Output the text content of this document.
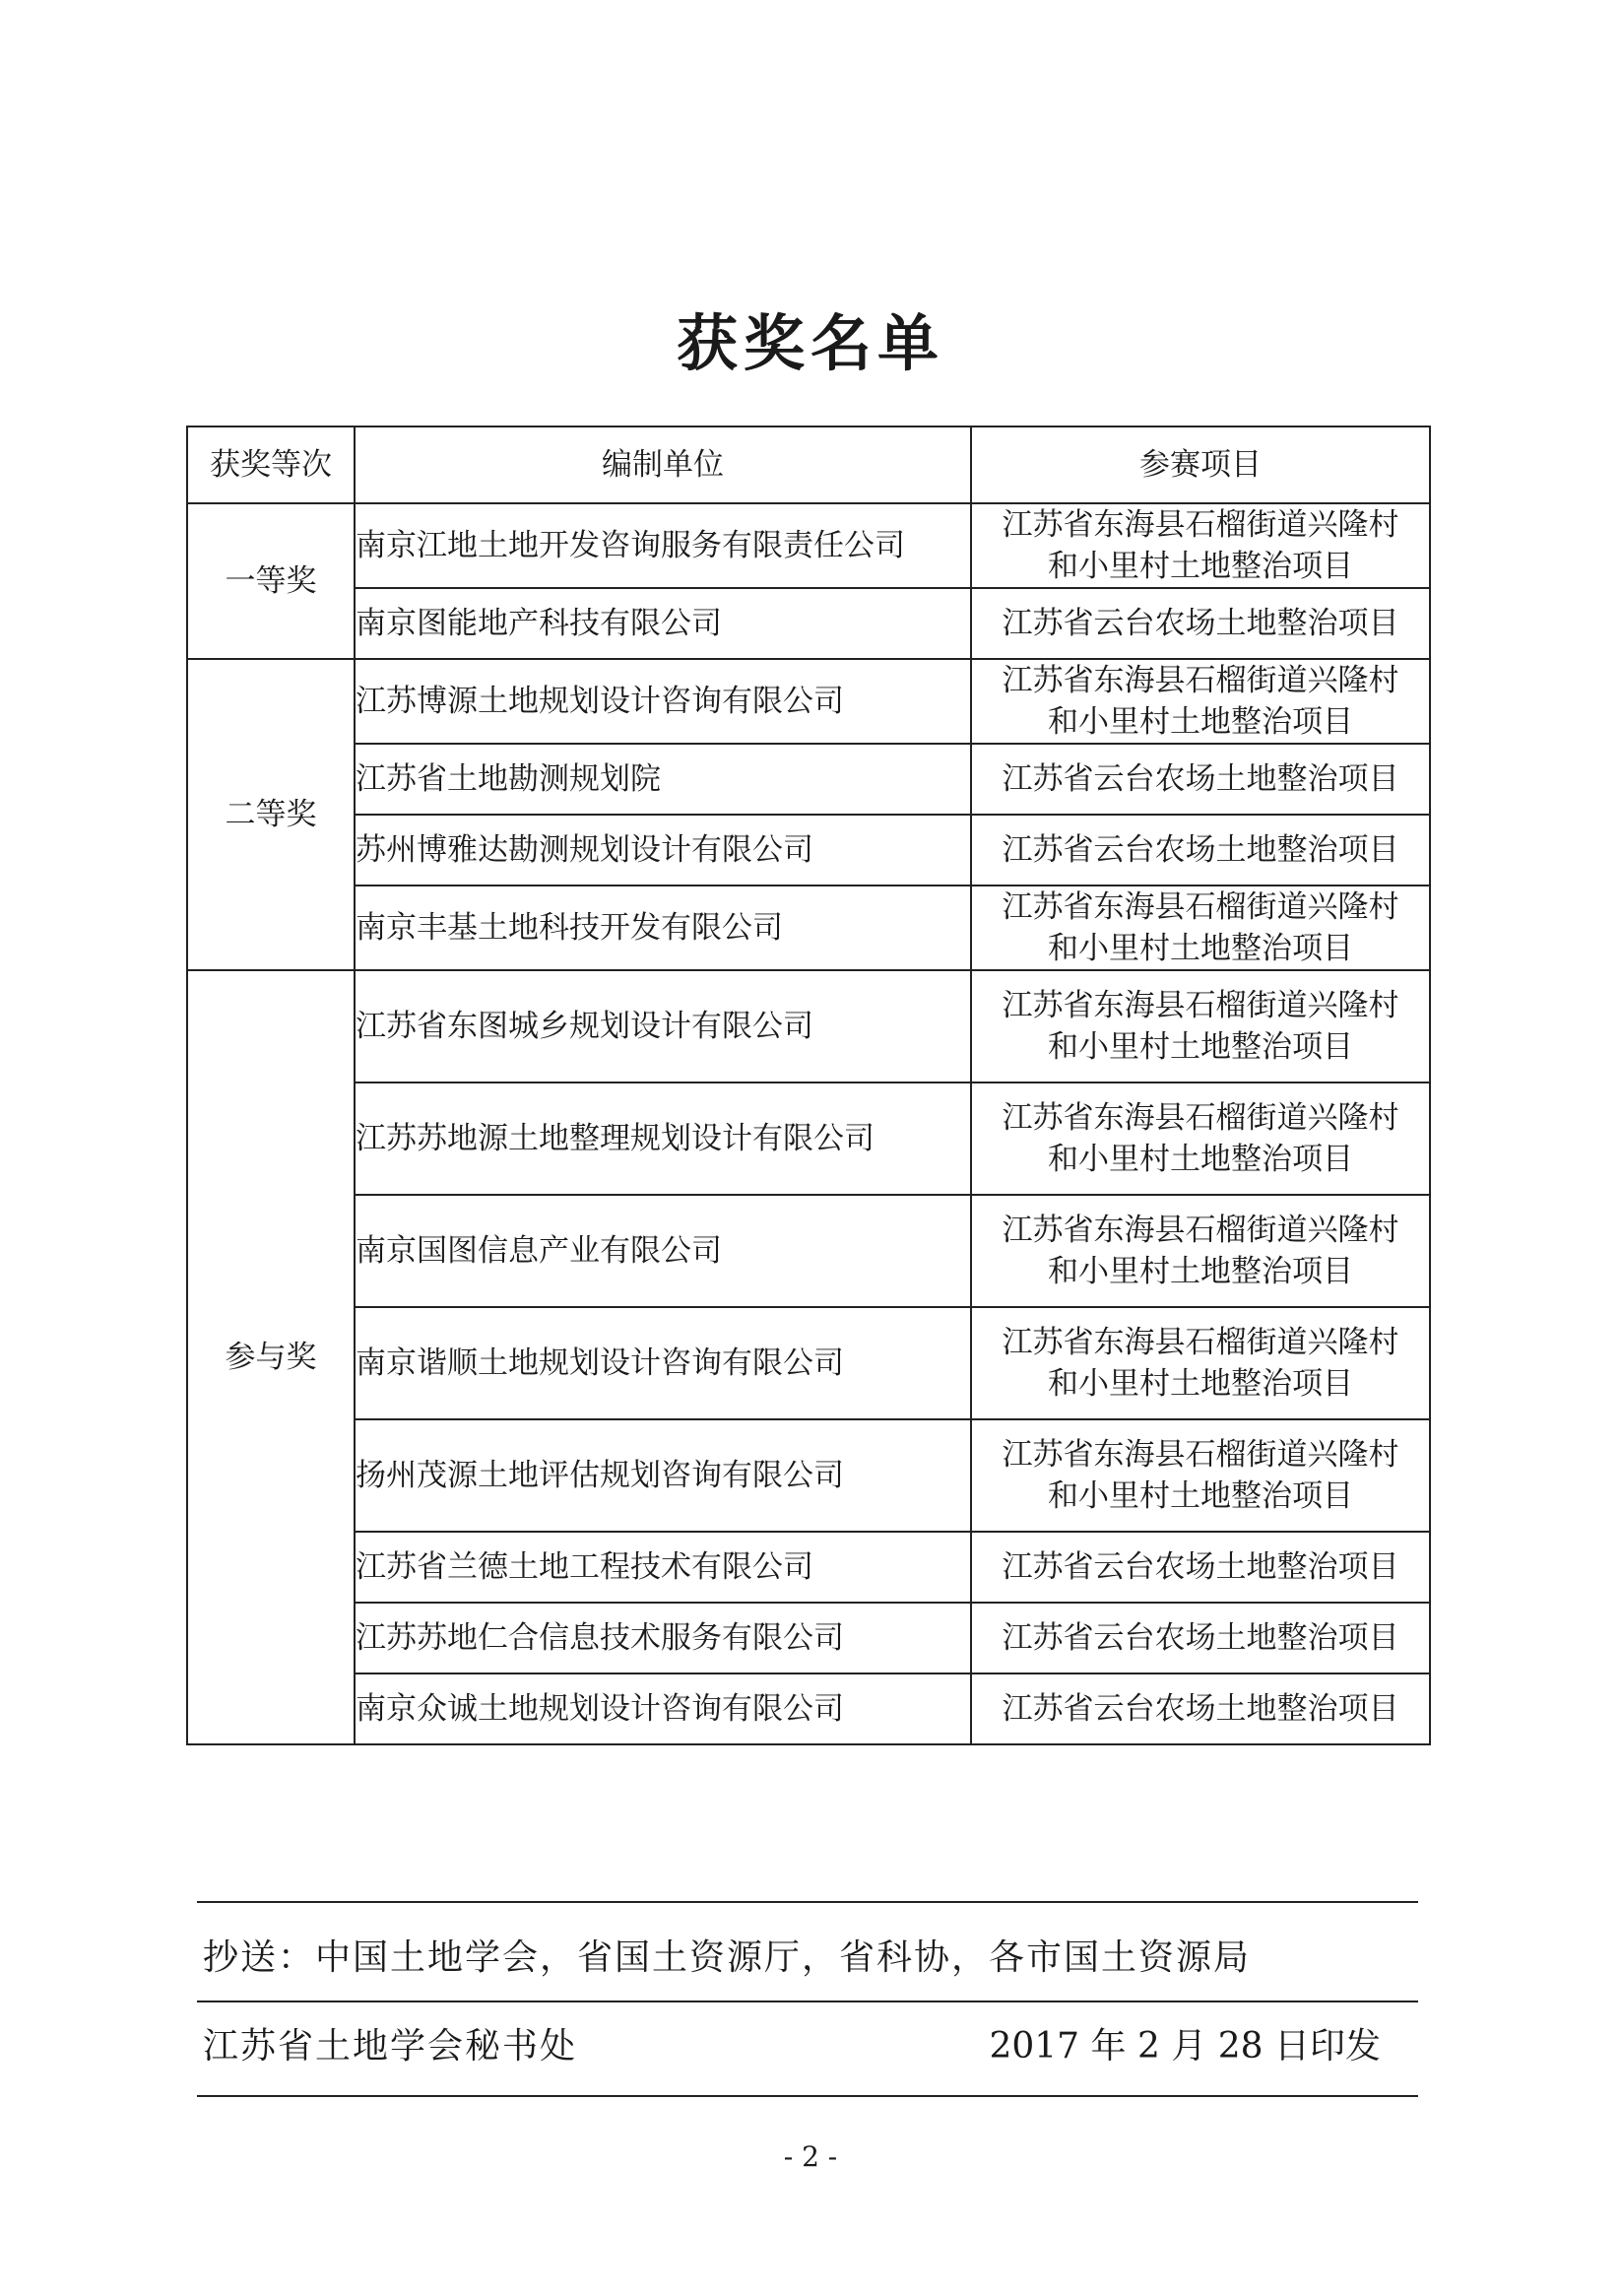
获奖名单
获奖等次	编制单位	参赛项目
一等奖	南京江地土地开发咨询服务有限责任公司	江苏省东海县石榴街道兴隆村
和小里村土地整治项目

	南京图能地产科技有限公司	江苏省云台农场土地整治项目

二等奖	江苏博源土地规划设计咨询有限公司	江苏省东海县石榴街道兴隆村
和小里村土地整治项目

	江苏省土地勘测规划院	江苏省云台农场土地整治项目

	苏州博雅达勘测规划设计有限公司	江苏省云台农场土地整治项目

	南京丰基土地科技开发有限公司	江苏省东海县石榴街道兴隆村
和小里村土地整治项目

参与奖	江苏省东图城乡规划设计有限公司	江苏省东海县石榴街道兴隆村
和小里村土地整治项目

	江苏苏地源土地整理规划设计有限公司	江苏省东海县石榴街道兴隆村
和小里村土地整治项目

	南京国图信息产业有限公司	江苏省东海县石榴街道兴隆村
和小里村土地整治项目

	南京谐顺土地规划设计咨询有限公司	江苏省东海县石榴街道兴隆村
和小里村土地整治项目

	扬州茂源土地评估规划咨询有限公司	江苏省东海县石榴街道兴隆村
和小里村土地整治项目

	江苏省兰德土地工程技术有限公司	江苏省云台农场土地整治项目

	江苏苏地仁合信息技术服务有限公司	江苏省云台农场土地整治项目

	南京众诚土地规划设计咨询有限公司	江苏省云台农场土地整治项目
抄送：中国土地学会，省国土资源厅，省科协，各市国土资源局
江苏省土地学会秘书处	2017 年 2 月 28 日印发
- 2 -
